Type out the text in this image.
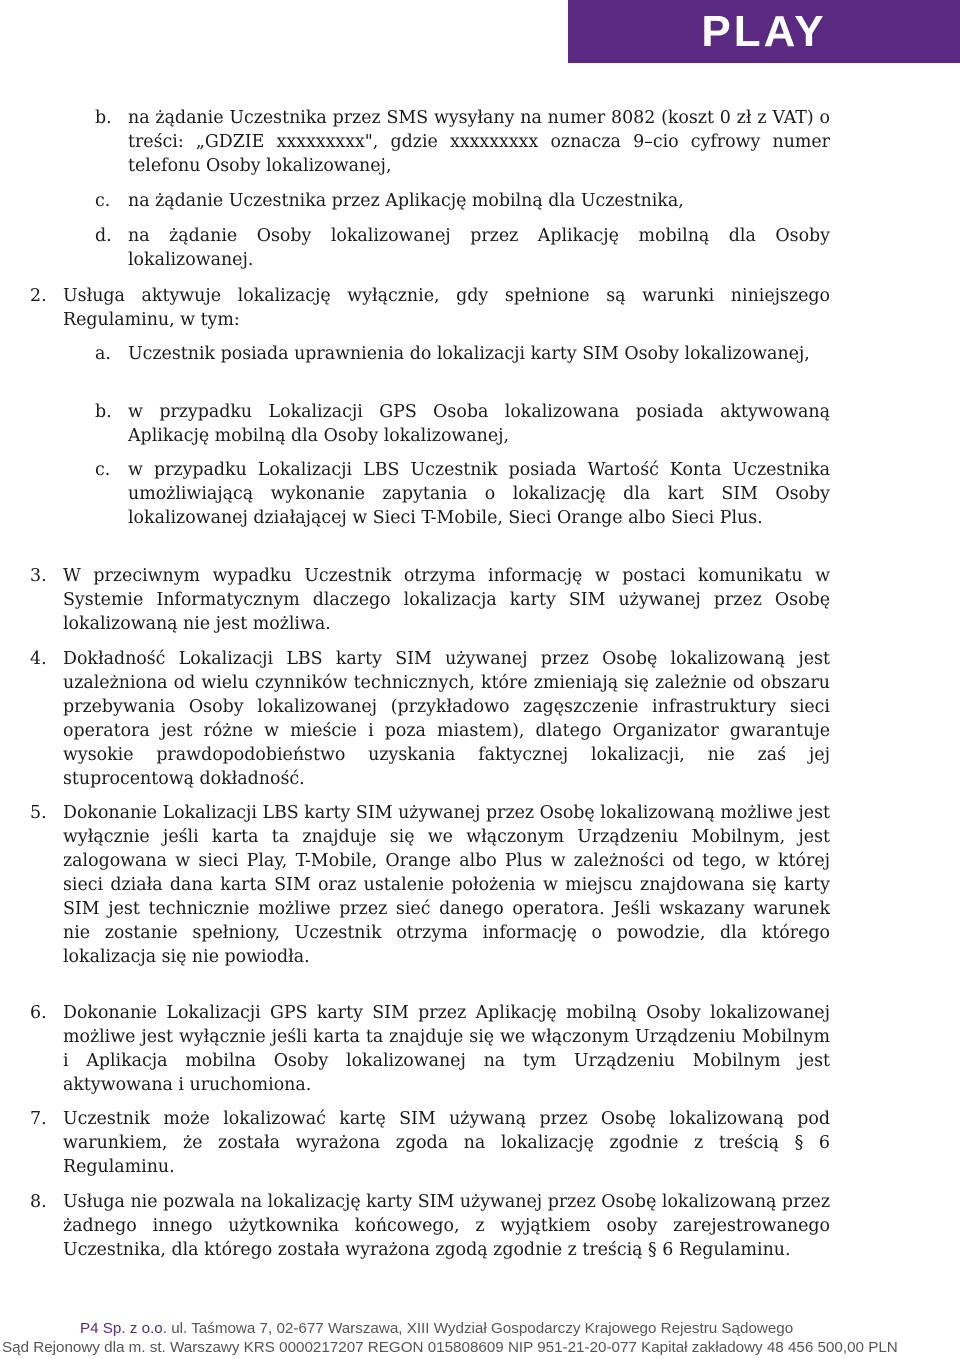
PLAY
b. na żądanie Uczestnika przez SMS wysyłany na numer 8082 (koszt 0 zł z VAT) o treści: „GDZIE xxxxxxxxx", gdzie xxxxxxxxx oznacza 9–cio cyfrowy numer telefonu Osoby lokalizowanej,

c. na żądanie Uczestnika przez Aplikację mobilną dla Uczestnika,

d. na żądanie Osoby lokalizowanej przez Aplikację mobilną dla Osoby lokalizowanej.

2. Usługa aktywuje lokalizację wyłącznie, gdy spełnione są warunki niniejszego Regulaminu, w tym:

a. Uczestnik posiada uprawnienia do lokalizacji karty SIM Osoby lokalizowanej,

b. w przypadku Lokalizacji GPS Osoba lokalizowana posiada aktywowaną Aplikację mobilną dla Osoby lokalizowanej,

c. w przypadku Lokalizacji LBS Uczestnik posiada Wartość Konta Uczestnika umożliwiającą wykonanie zapytania o lokalizację dla kart SIM Osoby lokalizowanej działającej w Sieci T-Mobile, Sieci Orange albo Sieci Plus.

3. W przeciwnym wypadku Uczestnik otrzyma informację w postaci komunikatu w Systemie Informatycznym dlaczego lokalizacja karty SIM używanej przez Osobę lokalizowaną nie jest możliwa.

4. Dokładność Lokalizacji LBS karty SIM używanej przez Osobę lokalizowaną jest uzależniona od wielu czynników technicznych, które zmieniają się zależnie od obszaru przebywania Osoby lokalizowanej (przykładowo zagęszczenie infrastruktury sieci operatora jest różne w mieście i poza miastem), dlatego Organizator gwarantuje wysokie prawdopodobieństwo uzyskania faktycznej lokalizacji, nie zaś jej stuprocentową dokładność.

5. Dokonanie Lokalizacji LBS karty SIM używanej przez Osobę lokalizowaną możliwe jest wyłącznie jeśli karta ta znajduje się we włączonym Urządzeniu Mobilnym, jest zalogowana w sieci Play, T-Mobile, Orange albo Plus w zależności od tego, w której sieci działa dana karta SIM oraz ustalenie położenia w miejscu znajdowana się karty SIM jest technicznie możliwe przez sieć danego operatora. Jeśli wskazany warunek nie zostanie spełniony, Uczestnik otrzyma informację o powodzie, dla którego lokalizacja się nie powiodła.

6. Dokonanie Lokalizacji GPS karty SIM przez Aplikację mobilną Osoby lokalizowanej możliwe jest wyłącznie jeśli karta ta znajduje się we włączonym Urządzeniu Mobilnym i Aplikacja mobilna Osoby lokalizowanej na tym Urządzeniu Mobilnym jest aktywowana i uruchomiona.

7. Uczestnik może lokalizować kartę SIM używaną przez Osobę lokalizowaną pod warunkiem, że została wyrażona zgoda na lokalizację zgodnie z treścią § 6 Regulaminu.

8. Usługa nie pozwala na lokalizację karty SIM używanej przez Osobę lokalizowaną przez żadnego innego użytkownika końcowego, z wyjątkiem osoby zarejestrowanego Uczestnika, dla którego została wyrażona zgodą zgodnie z treścią § 6 Regulaminu.

P4 Sp. z o.o. ul. Taśmowa 7, 02-677 Warszawa, XIII Wydział Gospodarczy Krajowego Rejestru Sądowego
Sąd Rejonowy dla m. st. Warszawy KRS 0000217207 REGON 015808609 NIP 951-21-20-077 Kapitał zakładowy 48 456 500,00 PLN
